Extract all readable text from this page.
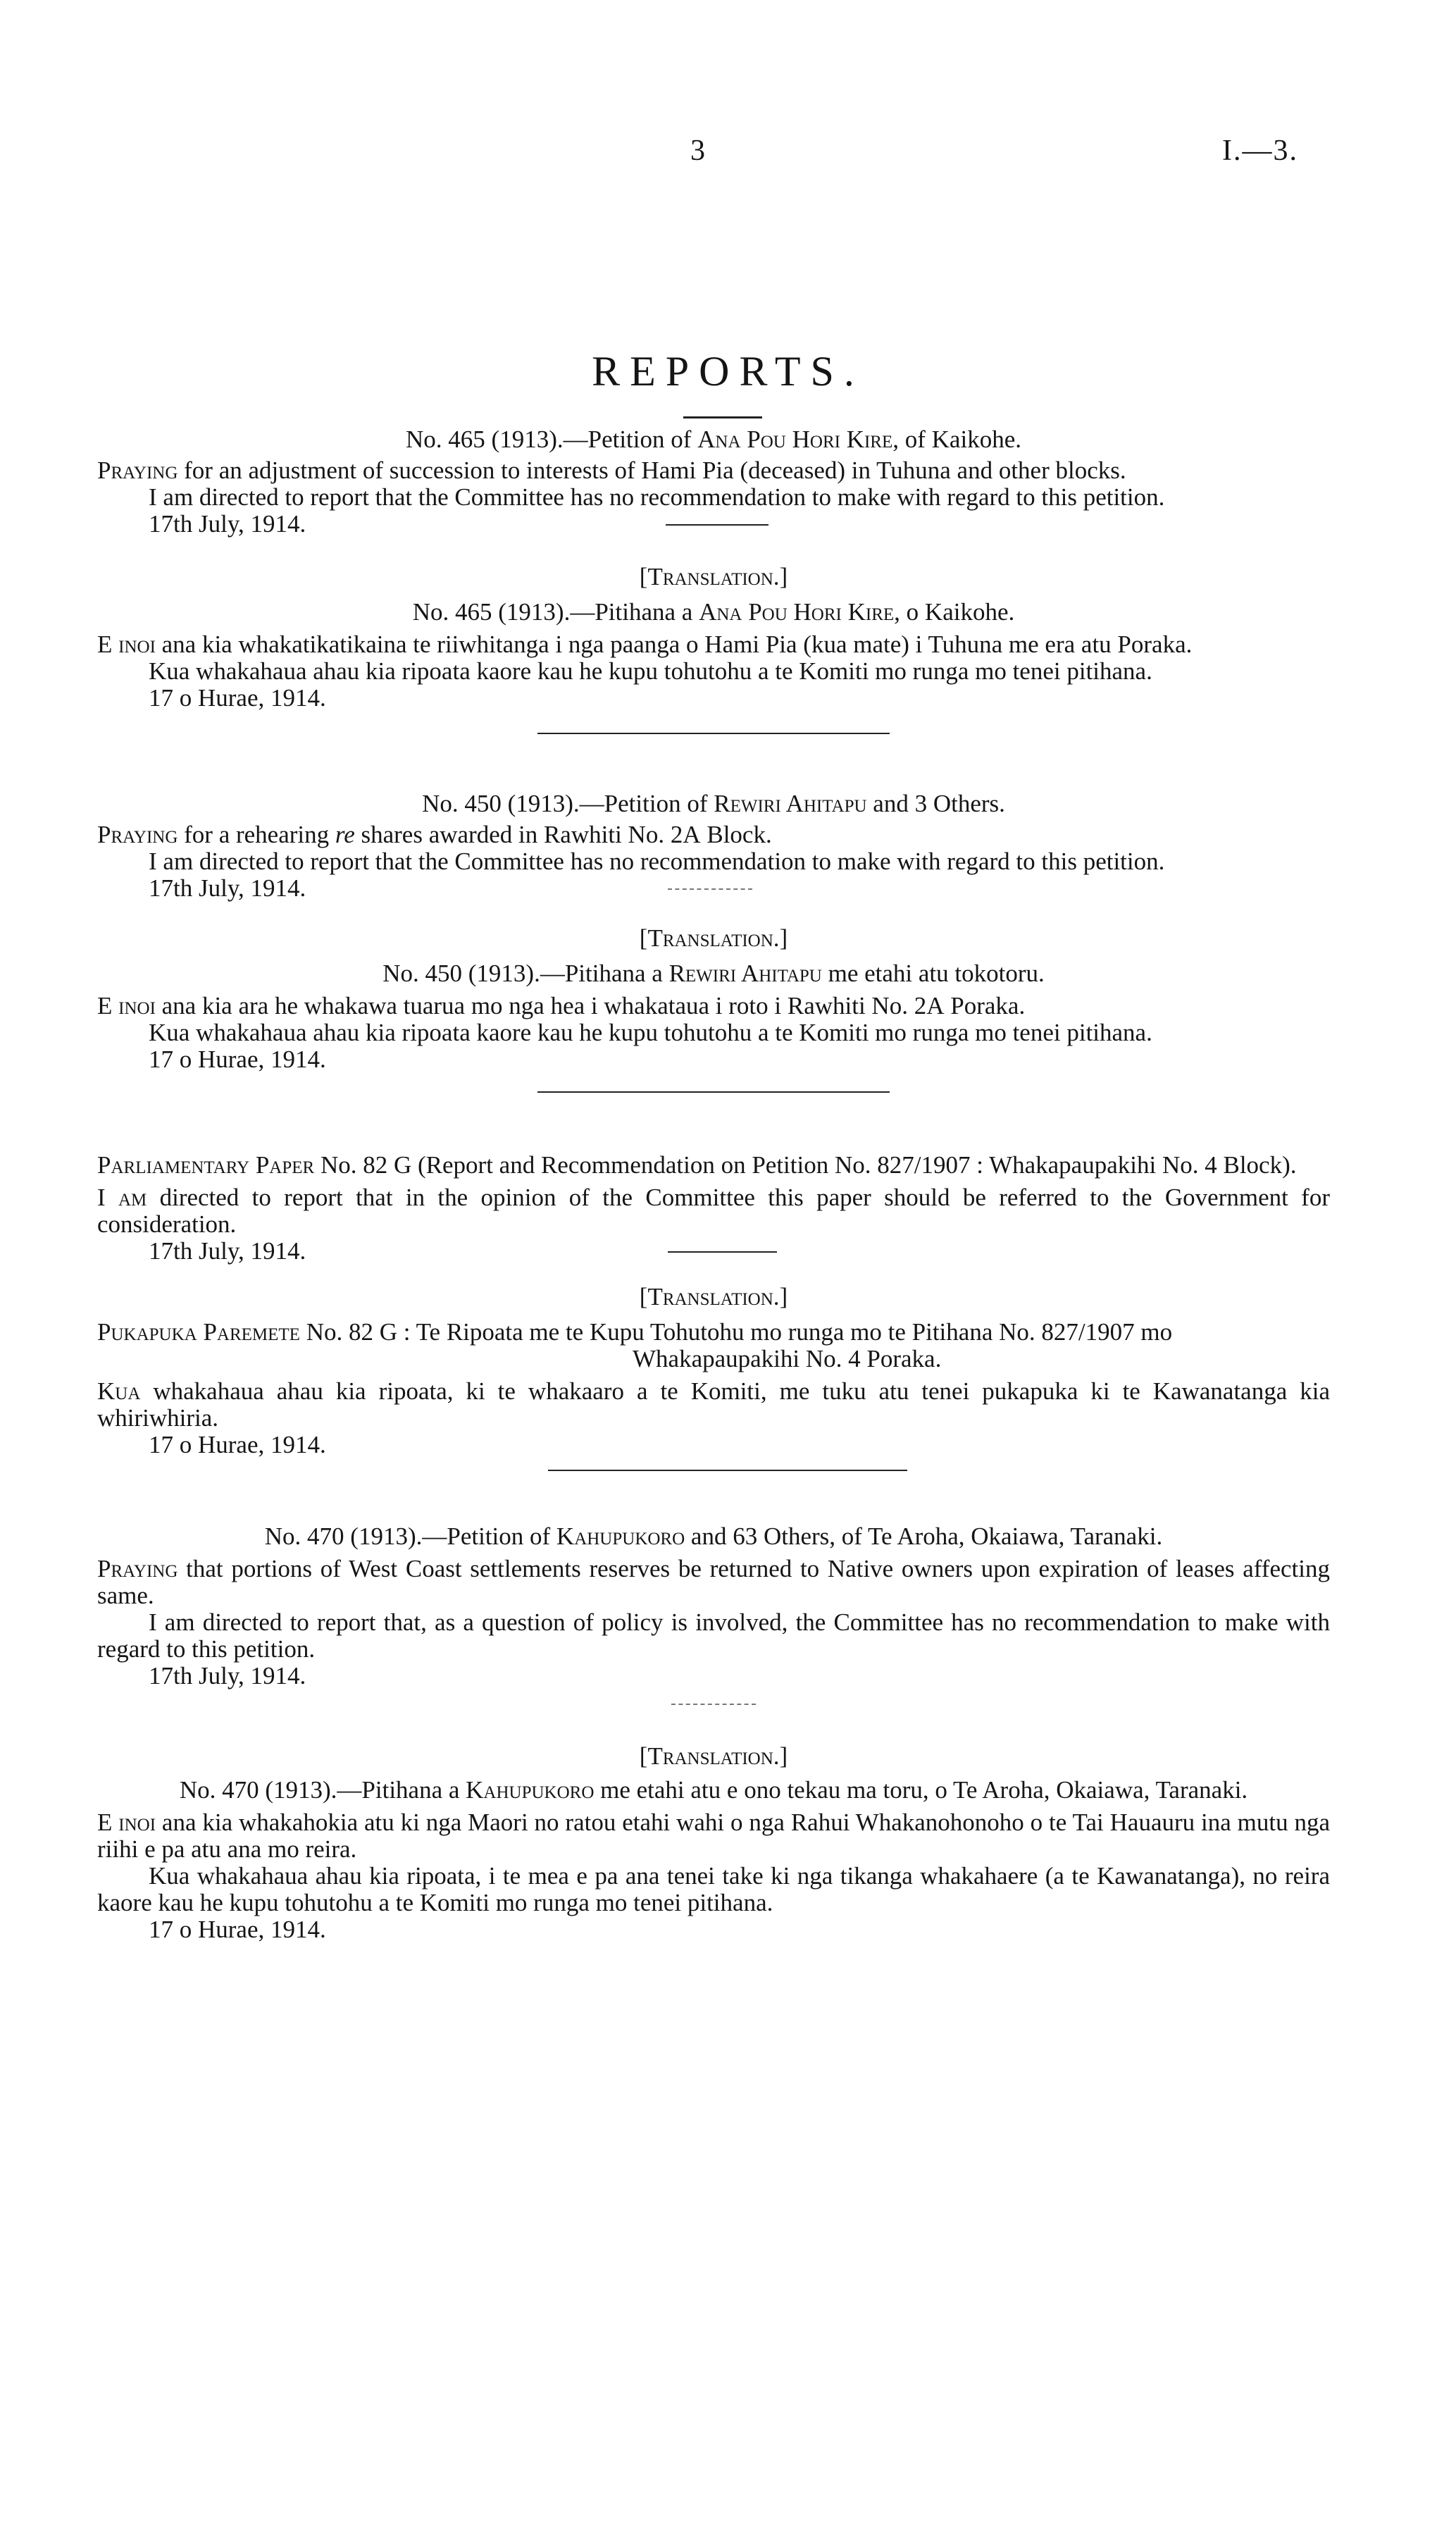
3	I.—3.
REPORTS.

No. 465 (1913).—Petition of Ana Pou Hori Kire, of Kaikohe.

Praying for an adjustment of succession to interests of Hami Pia (deceased) in Tuhuna and other blocks.

I am directed to report that the Committee has no recommendation to make with regard to this petition.

17th July, 1914.

[Translation.]

No. 465 (1913).—Pitihana a Ana Pou Hori Kire, o Kaikohe.

E inoi ana kia whakatikatikaina te riiwhitanga i nga paanga o Hami Pia (kua mate) i Tuhuna me era atu Poraka.

Kua whakahaua ahau kia ripoata kaore kau he kupu tohutohu a te Komiti mo runga mo tenei pitihana.

17 o Hurae, 1914.

No. 450 (1913).—Petition of Rewiri Ahitapu and 3 Others.

Praying for a rehearing re shares awarded in Rawhiti No. 2A Block.

I am directed to report that the Committee has no recommendation to make with regard to this petition.

17th July, 1914.

[Translation.]

No. 450 (1913).—Pitihana a Rewiri Ahitapu me etahi atu tokotoru.

E inoi ana kia ara he whakawa tuarua mo nga hea i whakataua i roto i Rawhiti No. 2A Poraka.

Kua whakahaua ahau kia ripoata kaore kau he kupu tohutohu a te Komiti mo runga mo tenei pitihana.

17 o Hurae, 1914.

Parliamentary Paper No. 82 G (Report and Recommendation on Petition No. 827/1907 : Whakapaupakihi No. 4 Block).

I am directed to report that in the opinion of the Committee this paper should be referred to the Government for consideration.

17th July, 1914.

[Translation.]

Pukapuka Paremete No. 82 G : Te Ripoata me te Kupu Tohutohu mo runga mo te Pitihana No. 827/1907 mo Whakapaupakihi No. 4 Poraka.

Kua whakahaua ahau kia ripoata, ki te whakaaro a te Komiti, me tuku atu tenei pukapuka ki te Kawanatanga kia whiriwhiria.

17 o Hurae, 1914.

No. 470 (1913).—Petition of Kahupukoro and 63 Others, of Te Aroha, Okaiawa, Taranaki.

Praying that portions of West Coast settlements reserves be returned to Native owners upon expiration of leases affecting same.

I am directed to report that, as a question of policy is involved, the Committee has no recommendation to make with regard to this petition.

17th July, 1914.

[Translation.]

No. 470 (1913).—Pitihana a Kahupukoro me etahi atu e ono tekau ma toru, o Te Aroha, Okaiawa, Taranaki.

E inoi ana kia whakahokia atu ki nga Maori no ratou etahi wahi o nga Rahui Whakanohonoho o te Tai Hauauru ina mutu nga riihi e pa atu ana mo reira.

Kua whakahaua ahau kia ripoata, i te mea e pa ana tenei take ki nga tikanga whakahaere (a te Kawanatanga), no reira kaore kau he kupu tohutohu a te Komiti mo runga mo tenei pitihana.

17 o Hurae, 1914.
